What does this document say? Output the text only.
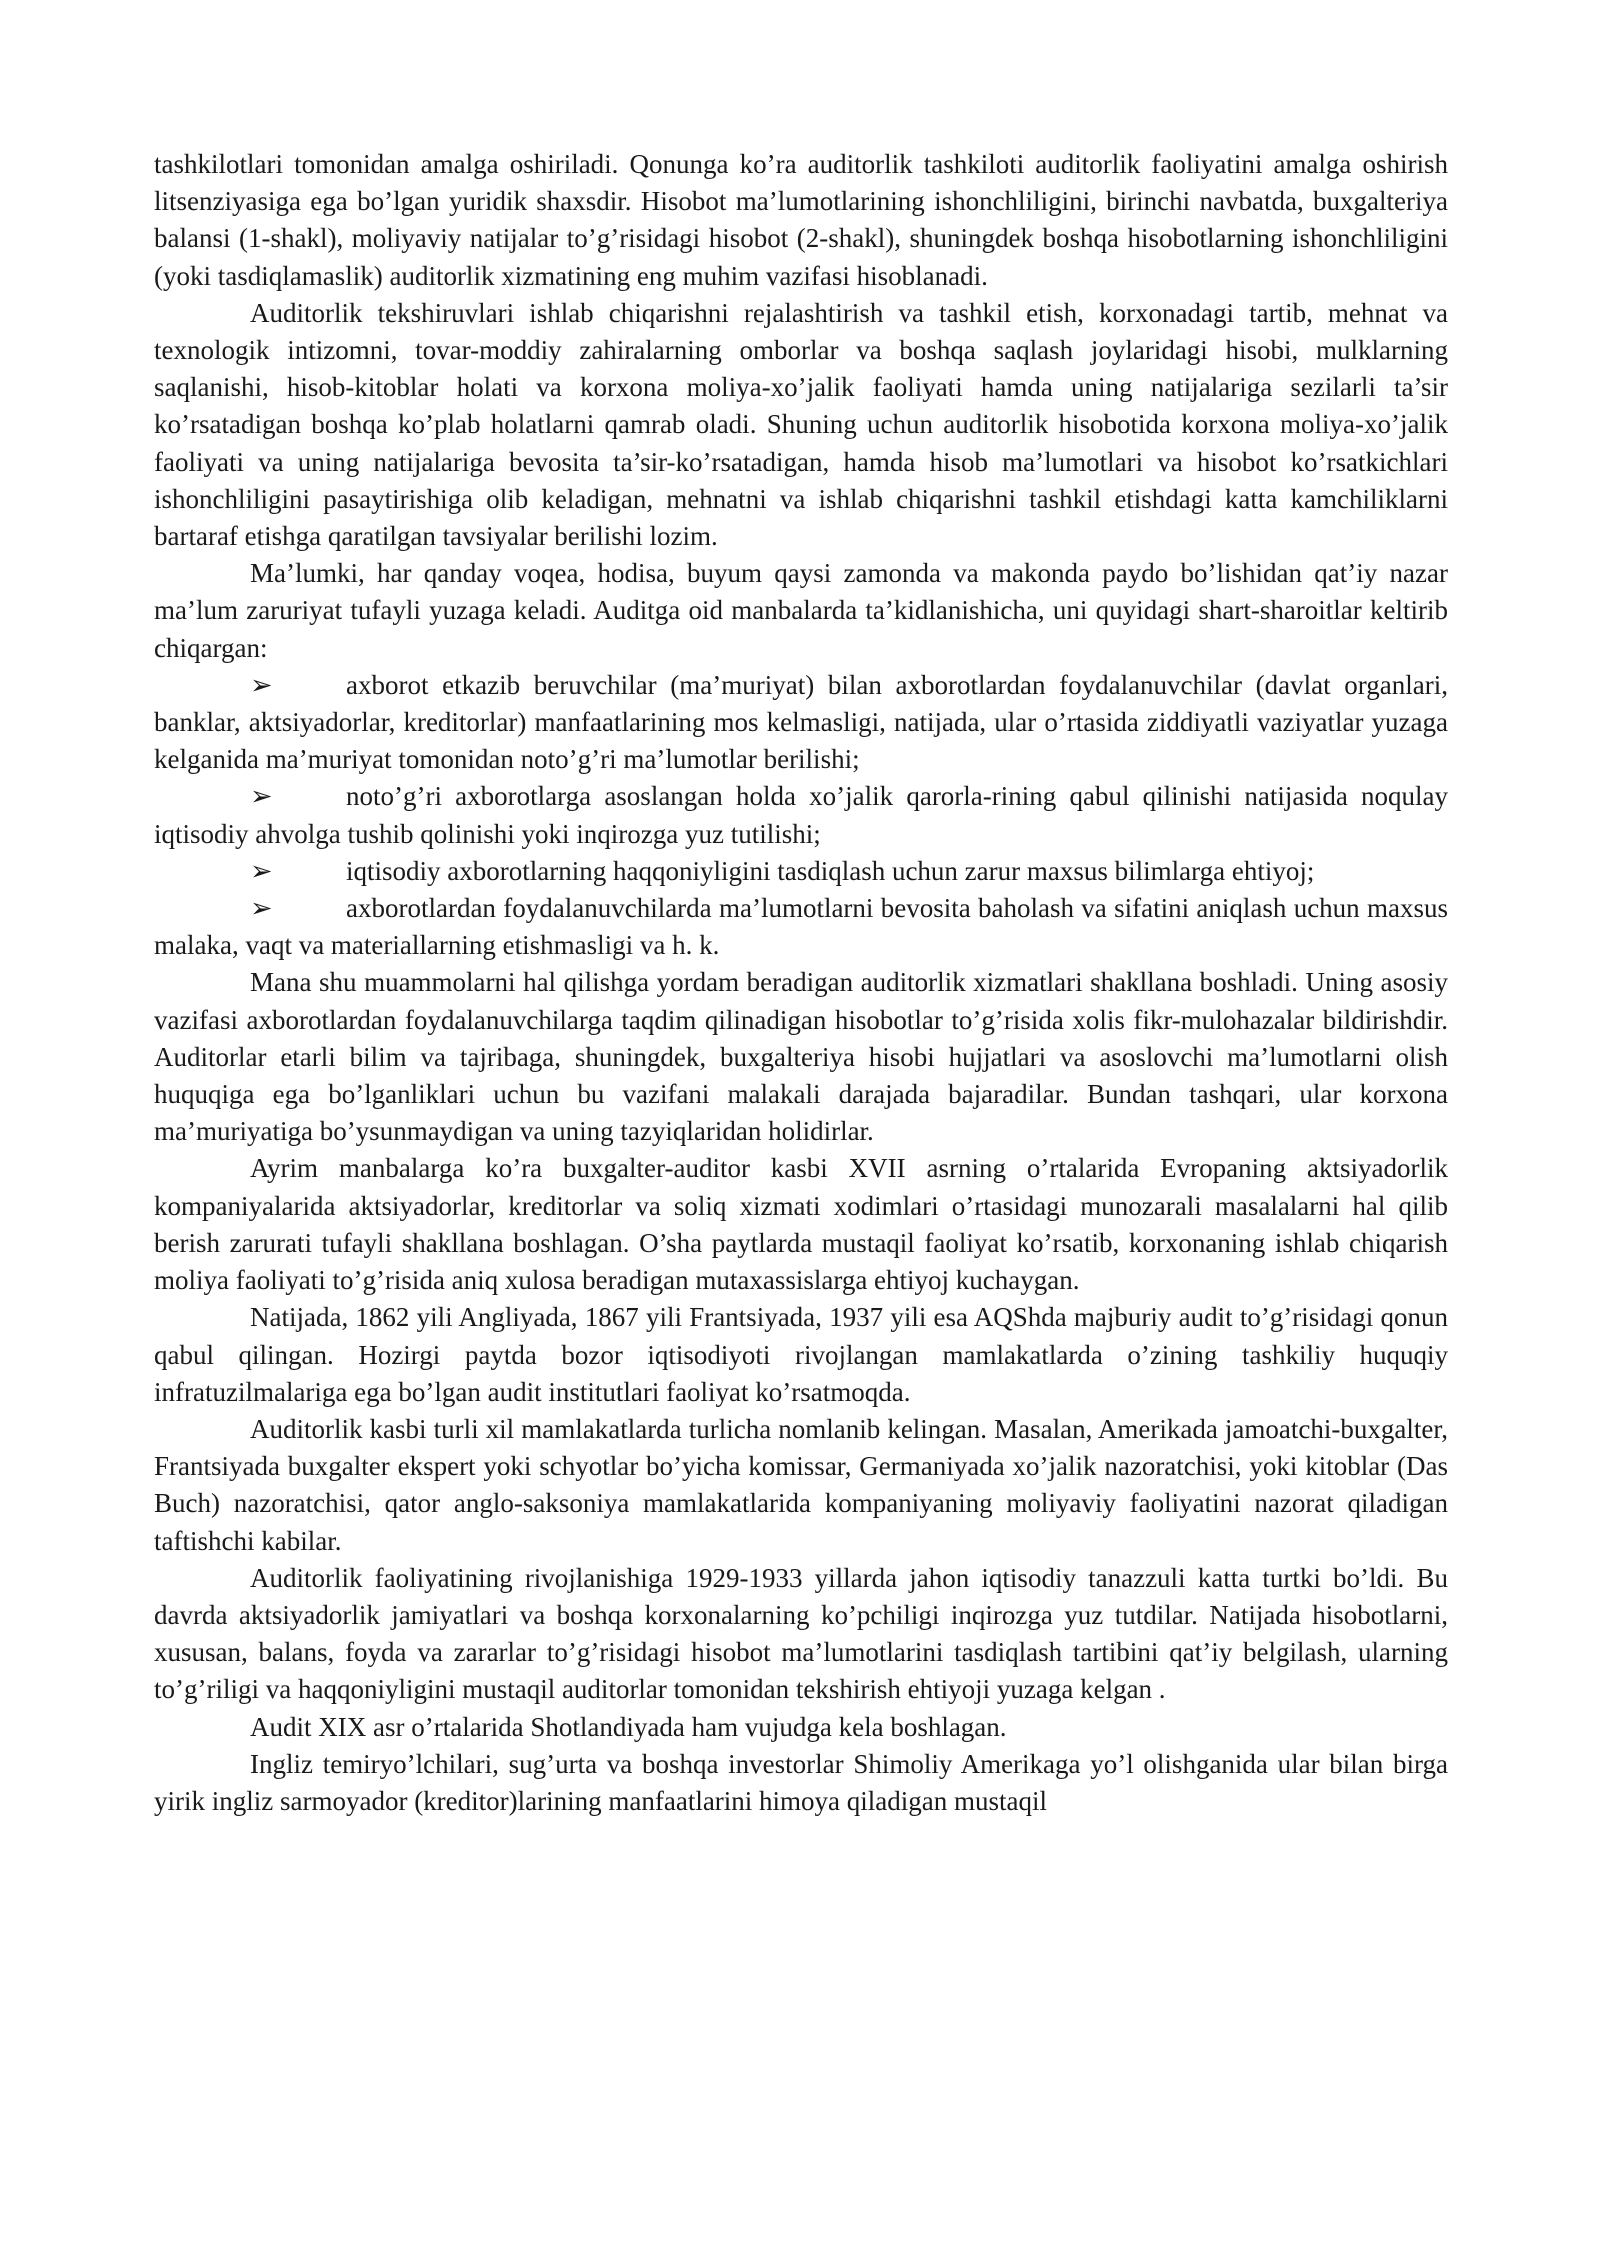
tashkilotlari tomonidan amalga oshiriladi. Qonunga ko’ra auditorlik tashkiloti auditorlik faoliyatini amalga oshirish litsenziyasiga ega bo’lgan yuridik shaxsdir. Hisobot ma’lumotlarining ishonchliligini, birinchi navbatda, buxgalteriya balansi (1-shakl), moliyaviy natijalar to’g’risidagi hisobot (2-shakl), shuningdek boshqa hisobotlarning ishonchliligini (yoki tasdiqlamaslik) auditorlik xizmatining eng muhim vazifasi hisoblanadi.

Auditorlik tekshiruvlari ishlab chiqarishni rejalashtirish va tashkil etish, korxonadagi tartib, mehnat va texnologik intizomni, tovar-moddiy zahiralarning omborlar va boshqa saqlash joylaridagi hisobi, mulklarning saqlanishi, hisob-kitoblar holati va korxona moliya-xo’jalik faoliyati hamda uning natijalariga sezilarli ta’sir ko’rsatadigan boshqa ko’plab holatlarni qamrab oladi. Shuning uchun auditorlik hisobotida korxona moliya-xo’jalik faoliyati va uning natijalariga bevosita ta’sir-ko’rsatadigan, hamda hisob ma’lumotlari va hisobot ko’rsatkichlari ishonchliligini pasaytirishiga olib keladigan, mehnatni va ishlab chiqarishni tashkil etishdagi katta kamchiliklarni bartaraf etishga qaratilgan tavsiyalar berilishi lozim.

Ma’lumki, har qanday voqea, hodisa, buyum qaysi zamonda va makonda paydo bo’lishidan qat’iy nazar ma’lum zaruriyat tufayli yuzaga keladi. Auditga oid manbalarda ta’kidlanishicha, uni quyidagi shart-sharoitlar keltirib chiqargan:

➢	axborot etkazib beruvchilar (ma’muriyat) bilan axborotlardan foydalanuvchilar (davlat organlari, banklar, aktsiyadorlar, kreditorlar) manfaatlarining mos kelmasligi, natijada, ular o’rtasida ziddiyatli vaziyatlar yuzaga kelganida ma’muriyat tomonidan noto’g’ri ma’lumotlar berilishi;

➢	noto’g’ri axborotlarga asoslangan holda xo’jalik qarorla-rining qabul qilinishi natijasida noqulay iqtisodiy ahvolga tushib qolinishi yoki inqirozga yuz tutilishi;

➢	iqtisodiy axborotlarning haqqoniyligini tasdiqlash uchun zarur maxsus bilimlarga ehtiyoj;

➢	axborotlardan foydalanuvchilarda ma’lumotlarni bevosita baholash va sifatini aniqlash uchun maxsus malaka, vaqt va materiallarning etishmasligi va h. k.

Mana shu muammolarni hal qilishga yordam beradigan auditorlik xizmatlari shakllana boshladi. Uning asosiy vazifasi axborotlardan foydalanuvchilarga taqdim qilinadigan hisobotlar to’g’risida xolis fikr-mulohazalar bildirishdir. Auditorlar etarli bilim va tajribaga, shuningdek, buxgalteriya hisobi hujjatlari va asoslovchi ma’lumotlarni olish huquqiga ega bo’lganliklari uchun bu vazifani malakali darajada bajaradilar. Bundan tashqari, ular korxona ma’muriyatiga bo’ysunmaydigan va uning tazyiqlaridan holidirlar.

Ayrim manbalarga ko’ra buxgalter-auditor kasbi XVII asrning o’rtalarida Evropaning aktsiyadorlik kompaniyalarida aktsiyadorlar, kreditorlar va soliq xizmati xodimlari o’rtasidagi munozarali masalalarni hal qilib berish zarurati tufayli shakllana boshlagan. O’sha paytlarda mustaqil faoliyat ko’rsatib, korxonaning ishlab chiqarish moliya faoliyati to’g’risida aniq xulosa beradigan mutaxassislarga ehtiyoj kuchaygan.

Natijada, 1862 yili Angliyada, 1867 yili Frantsiyada, 1937 yili esa AQShda majburiy audit to’g’risidagi qonun qabul qilingan. Hozirgi paytda bozor iqtisodiyoti rivojlangan mamlakatlarda o’zining tashkiliy huquqiy infratuzilmalariga ega bo’lgan audit institutlari faoliyat ko’rsatmoqda.

Auditorlik kasbi turli xil mamlakatlarda turlicha nomlanib kelingan. Masalan, Amerikada jamoatchi-buxgalter, Frantsiyada buxgalter ekspert yoki schyotlar bo’yicha komissar, Germaniyada xo’jalik nazoratchisi, yoki kitoblar (Das Buch) nazoratchisi, qator anglo-saksoniya mamlakatlarida kompaniyaning moliyaviy faoliyatini nazorat qiladigan taftishchi kabilar.

Auditorlik faoliyatining rivojlanishiga 1929-1933 yillarda jahon iqtisodiy tanazzuli katta turtki bo’ldi. Bu davrda aktsiyadorlik jamiyatlari va boshqa korxonalarning ko’pchiligi inqirozga yuz tutdilar. Natijada hisobotlarni, xususan, balans, foyda va zararlar to’g’risidagi hisobot ma’lumotlarini tasdiqlash tartibini qat’iy belgilash, ularning to’g’riligi va haqqoniyligini mustaqil auditorlar tomonidan tekshirish ehtiyoji yuzaga kelgan .

Audit XIX asr o’rtalarida Shotlandiyada ham vujudga kela boshlagan.

Ingliz temiryo’lchilari, sug’urta va boshqa investorlar Shimoliy Amerikaga yo’l olishganida ular bilan birga yirik ingliz sarmoyador (kreditor)larining manfaatlarini himoya qiladigan mustaqil
